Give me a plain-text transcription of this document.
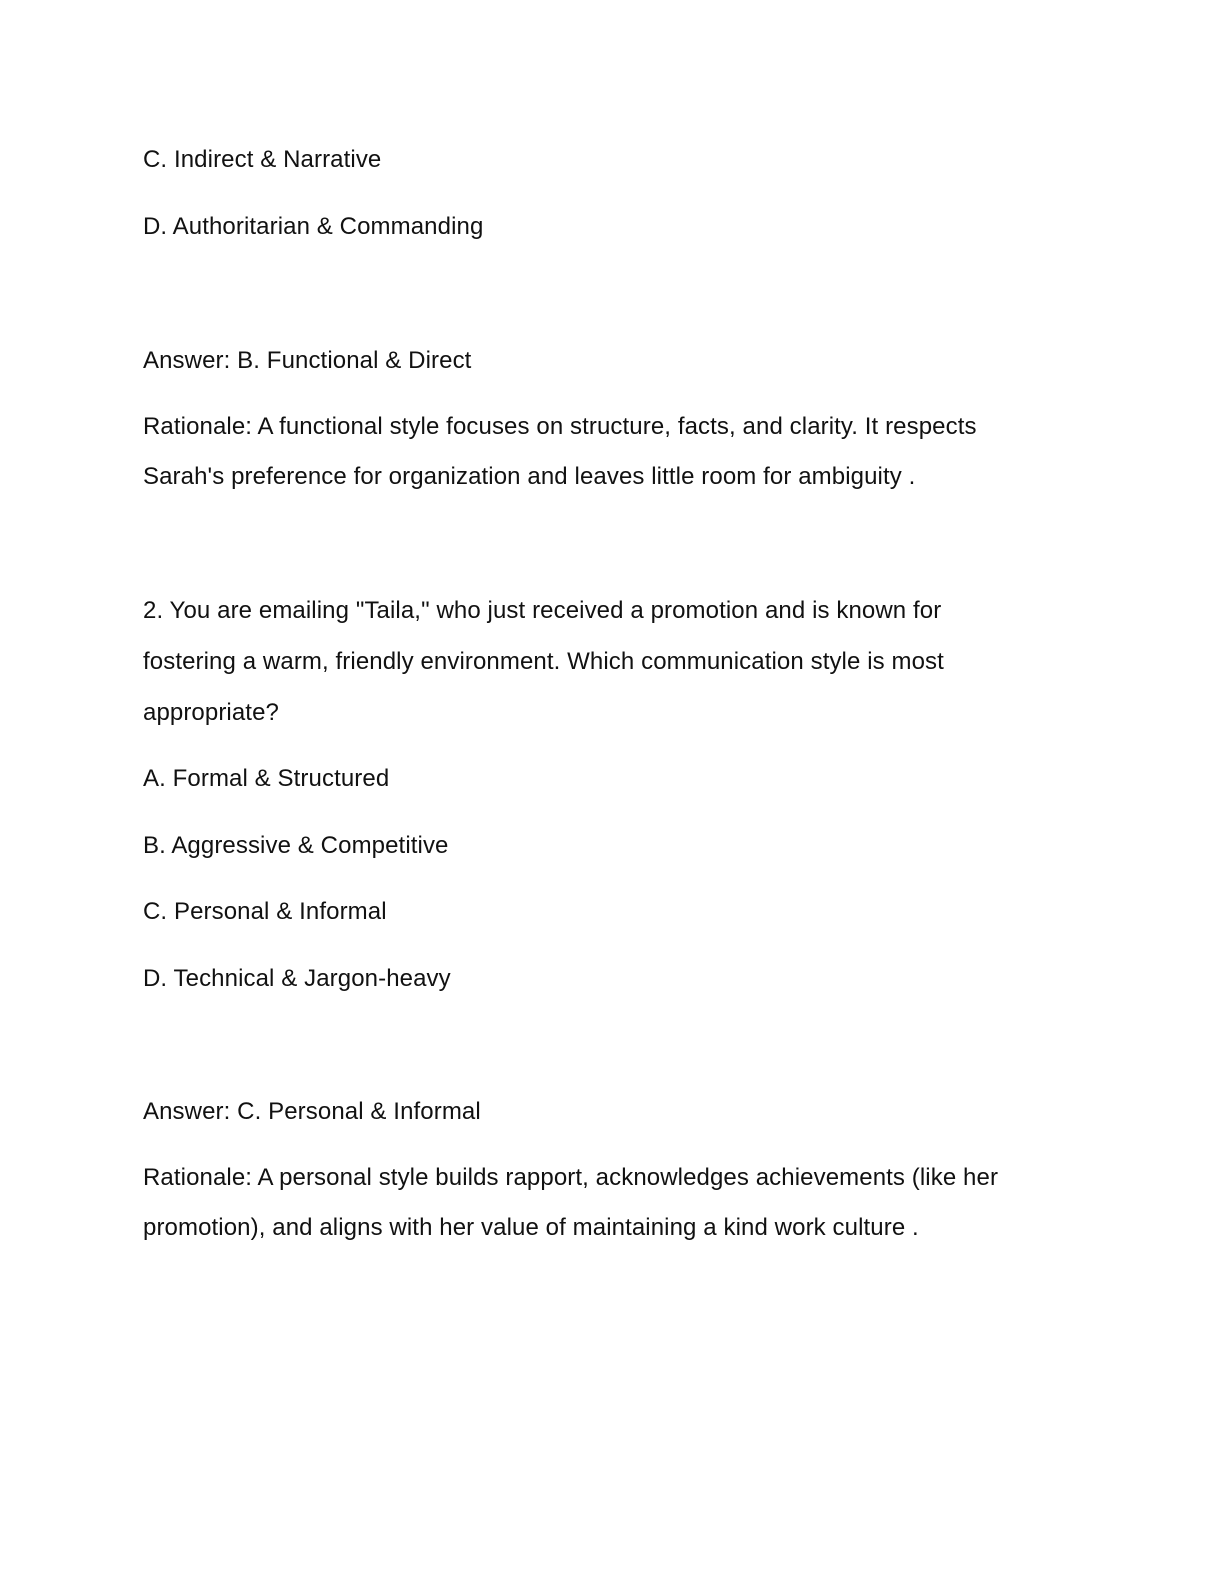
C. Indirect & Narrative

D. Authoritarian & Commanding

Answer: B. Functional & Direct

Rationale: A functional style focuses on structure, facts, and clarity. It respects

Sarah's preference for organization and leaves little room for ambiguity .

2. You are emailing "Taila," who just received a promotion and is known for

fostering a warm, friendly environment. Which communication style is most

appropriate?

A. Formal & Structured

B. Aggressive & Competitive

C. Personal & Informal

D. Technical & Jargon-heavy

Answer: C. Personal & Informal

Rationale: A personal style builds rapport, acknowledges achievements (like her

promotion), and aligns with her value of maintaining a kind work culture .
